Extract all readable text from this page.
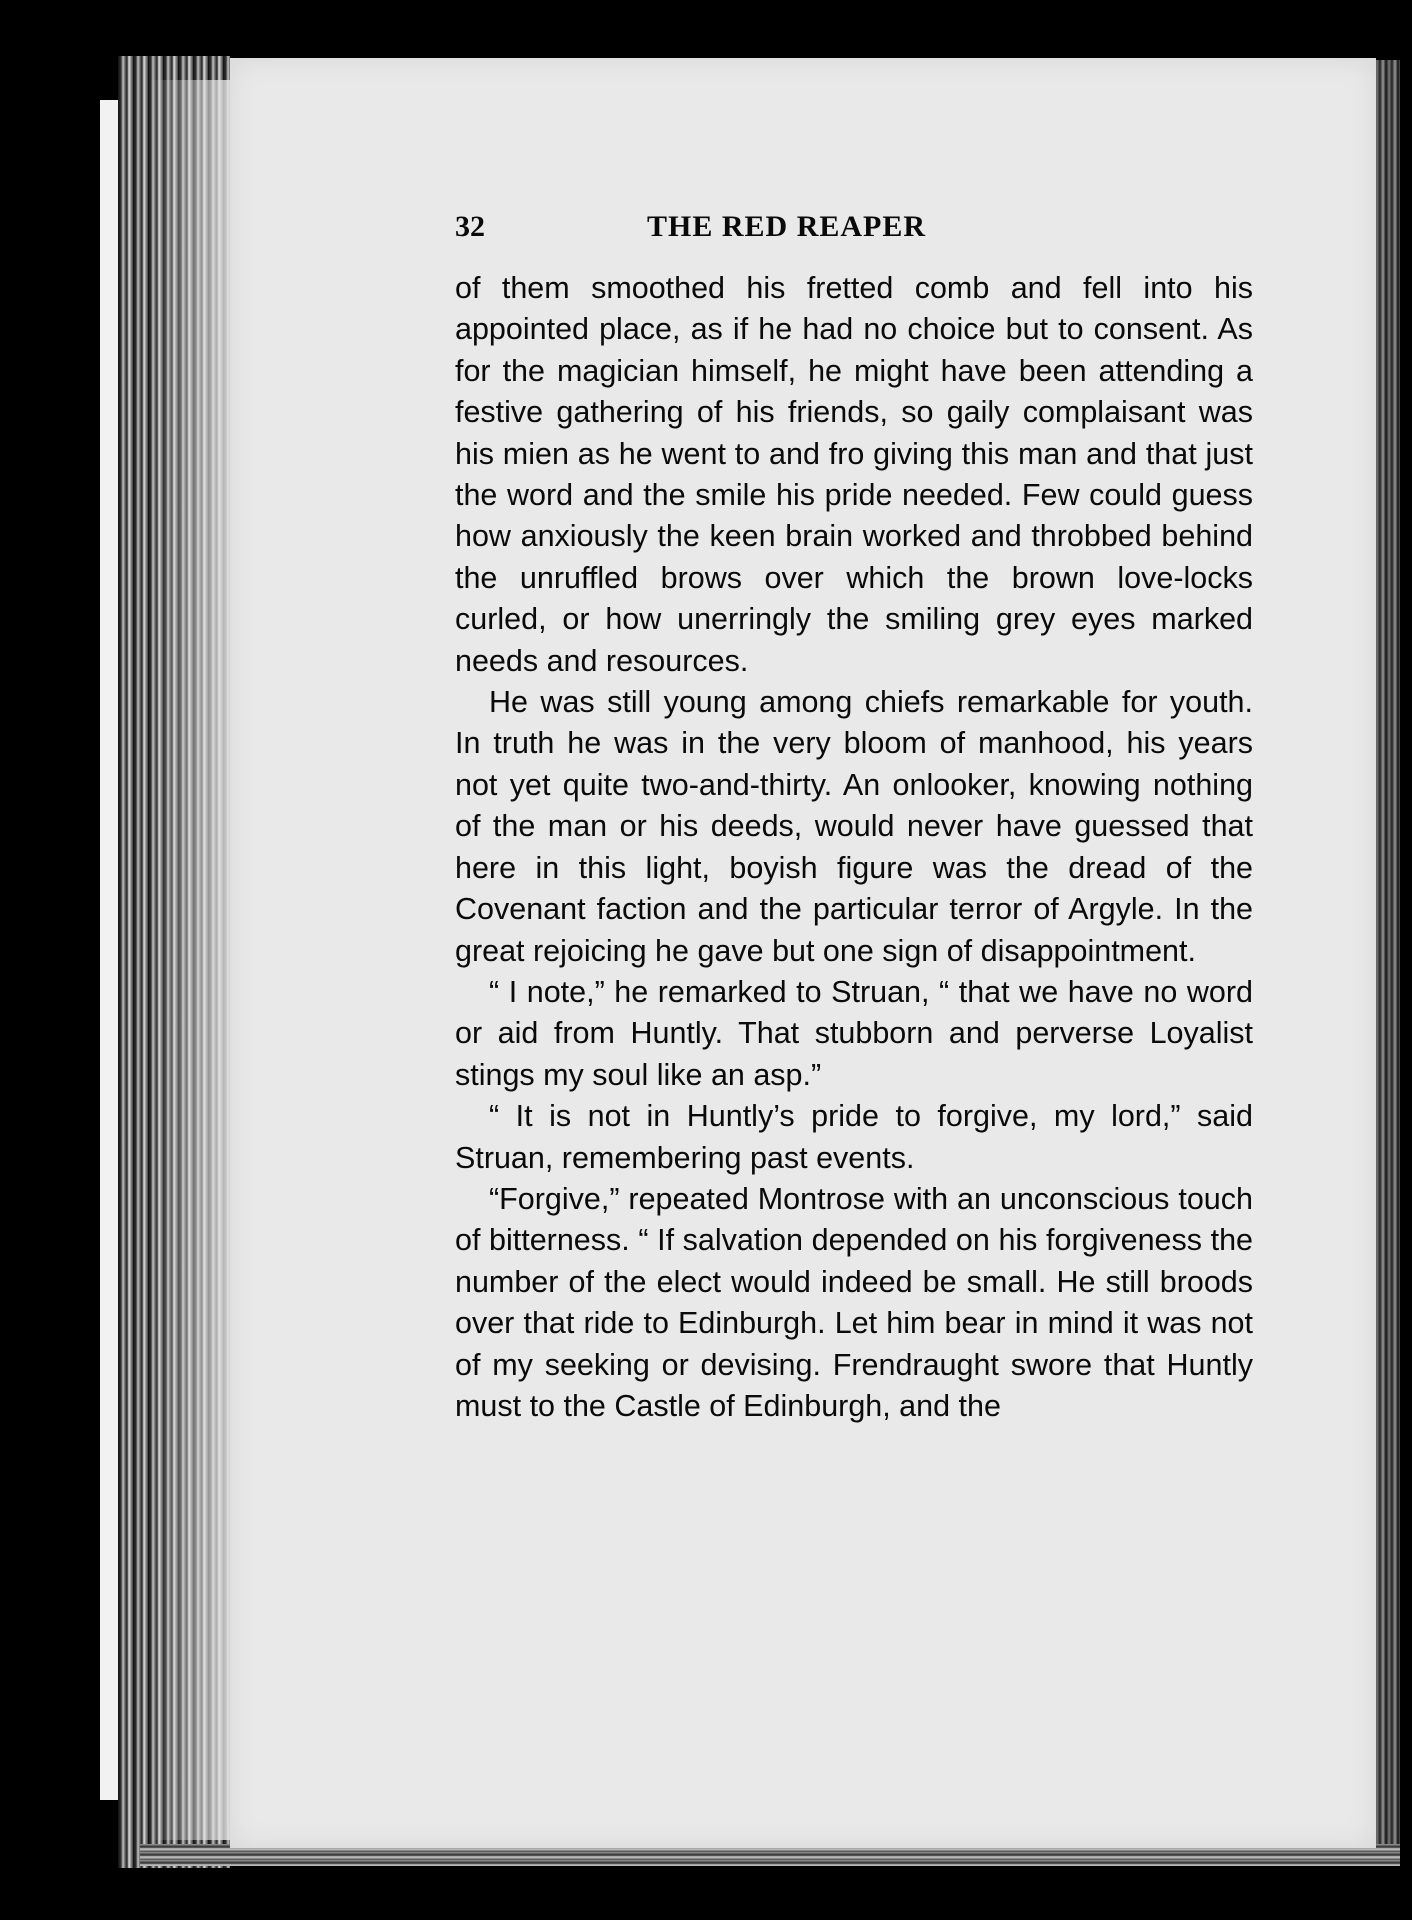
32	THE RED REAPER

of them smoothed his fretted comb and fell into his appointed place, as if he had no choice but to consent. As for the magician himself, he might have been attending a festive gathering of his friends, so gaily complaisant was his mien as he went to and fro giving this man and that just the word and the smile his pride needed. Few could guess how anxiously the keen brain worked and throbbed behind the unruffled brows over which the brown love-locks curled, or how unerringly the smiling grey eyes marked needs and resources.

He was still young among chiefs remarkable for youth. In truth he was in the very bloom of manhood, his years not yet quite two-and-thirty. An onlooker, knowing nothing of the man or his deeds, would never have guessed that here in this light, boyish figure was the dread of the Covenant faction and the particular terror of Argyle. In the great rejoicing he gave but one sign of disappointment.

“ I note,” he remarked to Struan, “ that we have no word or aid from Huntly. That stubborn and perverse Loyalist stings my soul like an asp.”

“ It is not in Huntly’s pride to forgive, my lord,” said Struan, remembering past events.

“Forgive,” repeated Montrose with an unconscious touch of bitterness. “ If salvation depended on his forgiveness the number of the elect would indeed be small. He still broods over that ride to Edinburgh. Let him bear in mind it was not of my seeking or devising. Frendraught swore that Huntly must to the Castle of Edinburgh, and the
